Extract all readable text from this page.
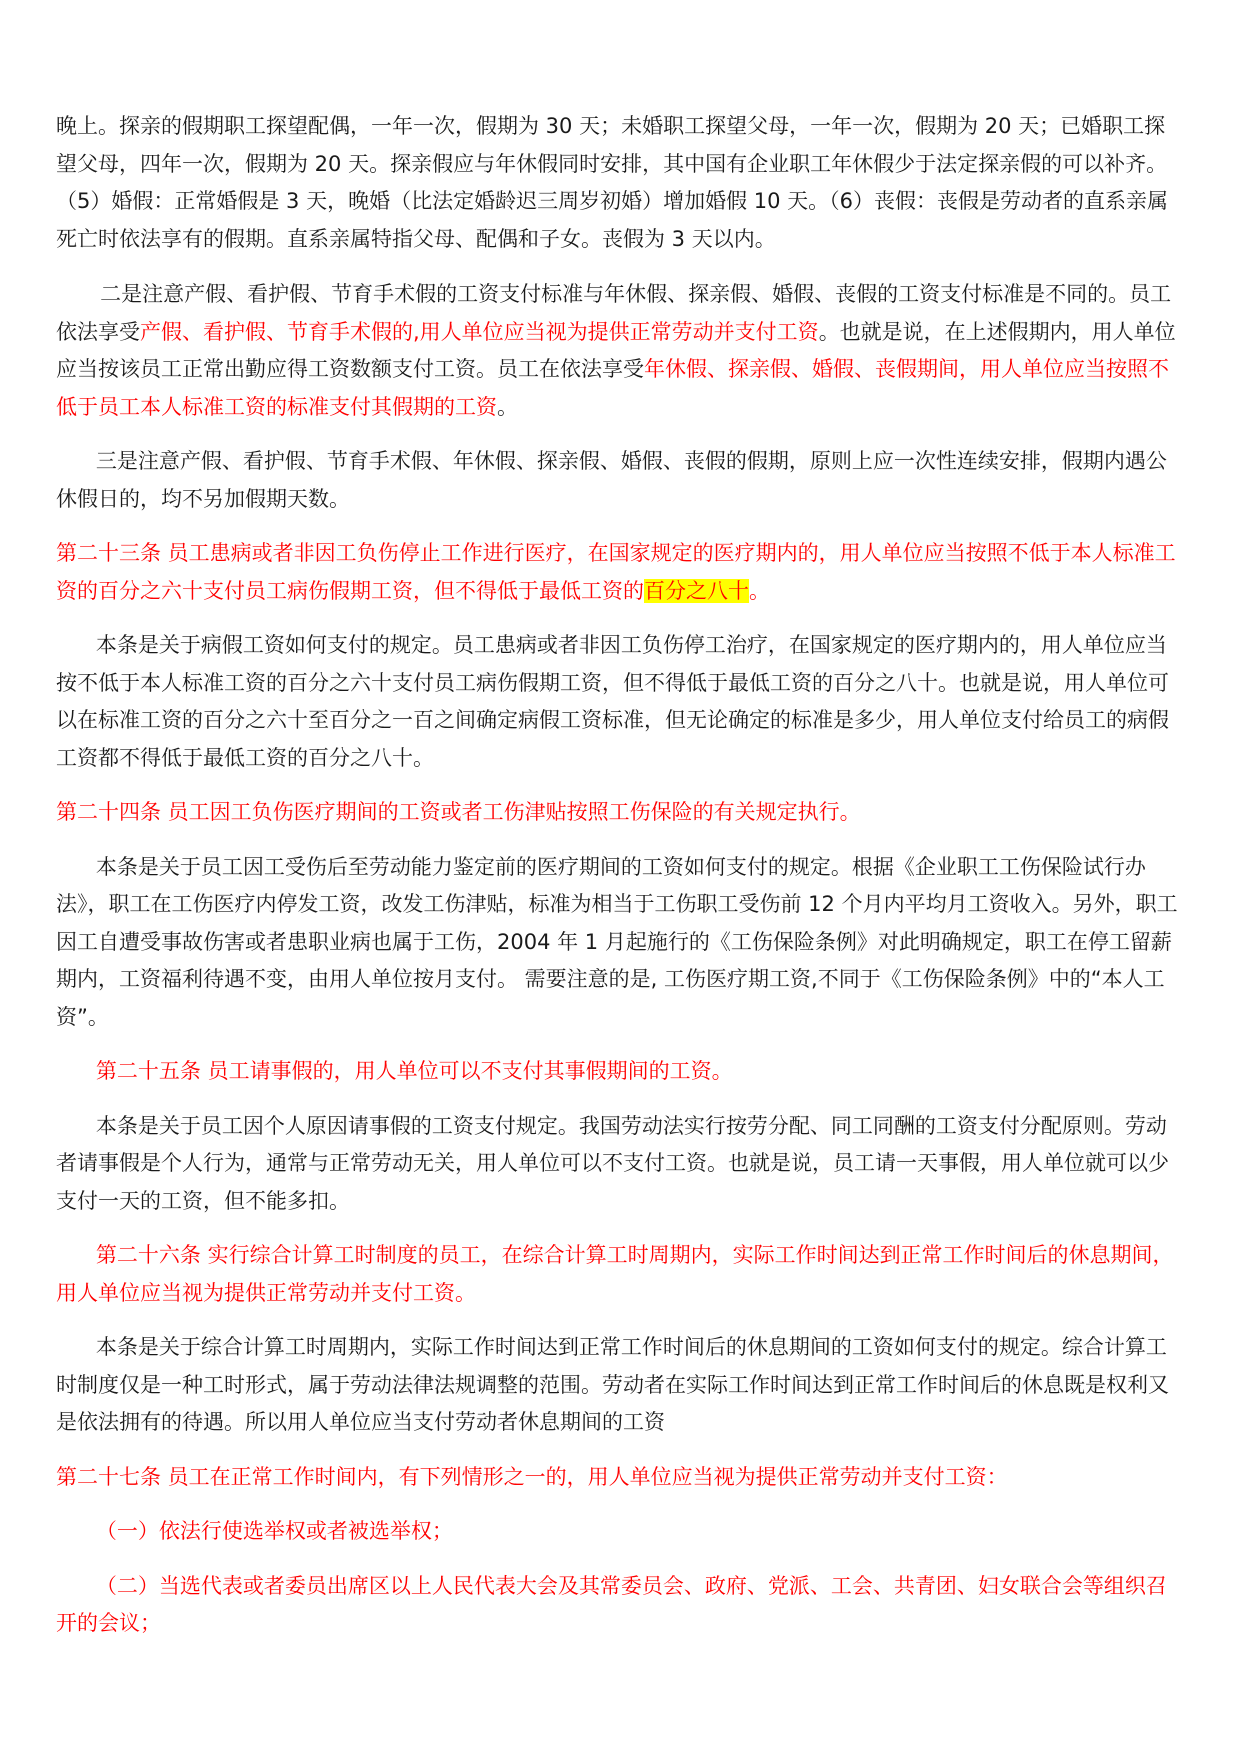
晚上。探亲的假期职工探望配偶，一年一次，假期为 30 天；未婚职工探望父母，一年一次，假期为 20 天；已婚职工探望父母，四年一次，假期为 20 天。探亲假应与年休假同时安排，其中国有企业职工年休假少于法定探亲假的可以补齐。（5）婚假：正常婚假是 3 天，晚婚（比法定婚龄迟三周岁初婚）增加婚假 10 天。（6）丧假：丧假是劳动者的直系亲属死亡时依法享有的假期。直系亲属特指父母、配偶和子女。丧假为 3 天以内。

二是注意产假、看护假、节育手术假的工资支付标准与年休假、探亲假、婚假、丧假的工资支付标准是不同的。员工依法享受产假、看护假、节育手术假的,用人单位应当视为提供正常劳动并支付工资。也就是说，在上述假期内，用人单位应当按该员工正常出勤应得工资数额支付工资。员工在依法享受年休假、探亲假、婚假、丧假期间，用人单位应当按照不低于员工本人标准工资的标准支付其假期的工资。

三是注意产假、看护假、节育手术假、年休假、探亲假、婚假、丧假的假期，原则上应一次性连续安排，假期内遇公休假日的，均不另加假期天数。

第二十三条 员工患病或者非因工负伤停止工作进行医疗，在国家规定的医疗期内的，用人单位应当按照不低于本人标准工资的百分之六十支付员工病伤假期工资，但不得低于最低工资的百分之八十。

本条是关于病假工资如何支付的规定。员工患病或者非因工负伤停工治疗，在国家规定的医疗期内的，用人单位应当按不低于本人标准工资的百分之六十支付员工病伤假期工资，但不得低于最低工资的百分之八十。也就是说，用人单位可以在标准工资的百分之六十至百分之一百之间确定病假工资标准，但无论确定的标准是多少，用人单位支付给员工的病假工资都不得低于最低工资的百分之八十。

第二十四条 员工因工负伤医疗期间的工资或者工伤津贴按照工伤保险的有关规定执行。

本条是关于员工因工受伤后至劳动能力鉴定前的医疗期间的工资如何支付的规定。根据《企业职工工伤保险试行办法》，职工在工伤医疗内停发工资，改发工伤津贴，标准为相当于工伤职工受伤前 12 个月内平均月工资收入。另外，职工因工自遭受事故伤害或者患职业病也属于工伤，2004 年 1 月起施行的《工伤保险条例》对此明确规定，职工在停工留薪期内，工资福利待遇不变，由用人单位按月支付。 需要注意的是, 工伤医疗期工资,不同于《工伤保险条例》中的“本人工资”。

第二十五条 员工请事假的，用人单位可以不支付其事假期间的工资。

本条是关于员工因个人原因请事假的工资支付规定。我国劳动法实行按劳分配、同工同酬的工资支付分配原则。劳动者请事假是个人行为，通常与正常劳动无关，用人单位可以不支付工资。也就是说，员工请一天事假，用人单位就可以少支付一天的工资，但不能多扣。

第二十六条 实行综合计算工时制度的员工，在综合计算工时周期内，实际工作时间达到正常工作时间后的休息期间，用人单位应当视为提供正常劳动并支付工资。

本条是关于综合计算工时周期内，实际工作时间达到正常工作时间后的休息期间的工资如何支付的规定。综合计算工时制度仅是一种工时形式，属于劳动法律法规调整的范围。劳动者在实际工作时间达到正常工作时间后的休息既是权利又是依法拥有的待遇。所以用人单位应当支付劳动者休息期间的工资

第二十七条 员工在正常工作时间内，有下列情形之一的，用人单位应当视为提供正常劳动并支付工资：

（一）依法行使选举权或者被选举权；

（二）当选代表或者委员出席区以上人民代表大会及其常委员会、政府、党派、工会、共青团、妇女联合会等组织召开的会议；
